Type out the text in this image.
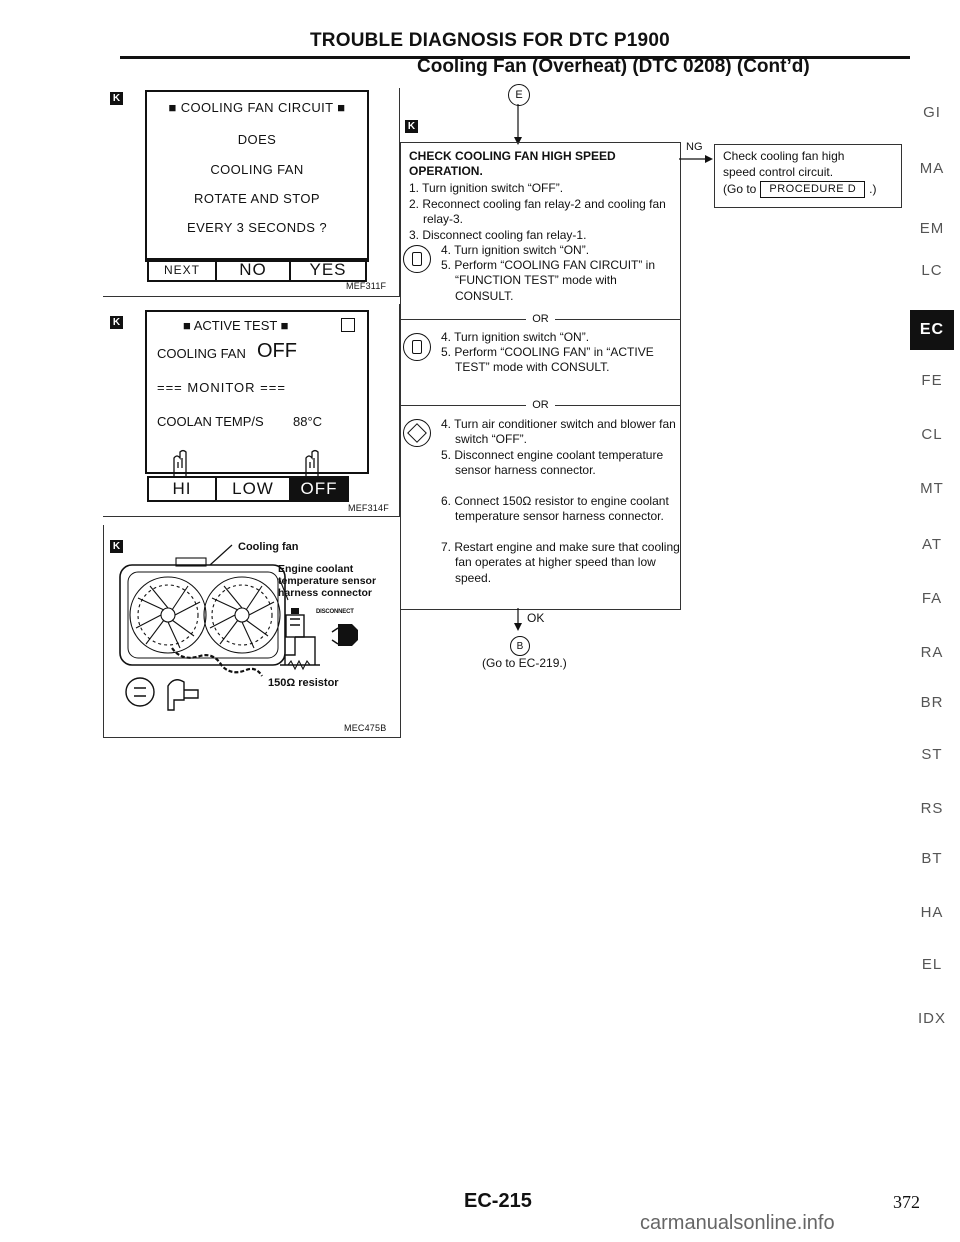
TROUBLE DIAGNOSIS FOR DTC P1900
Cooling Fan (Overheat) (DTC 0208) (Cont’d)
K
■ COOLING FAN CIRCUIT ■
DOES
COOLING FAN
ROTATE AND STOP
EVERY 3 SECONDS ?
NEXT	NO	YES
MEF311F
K	■ ACTIVE TEST ■
COOLING FAN OFF
=== MONITOR ===
COOLAN TEMP/S 88°C
HI	LOW	OFF
MEF314F
K	Cooling fan
Engine coolant temperature sensor harness connector
DISCONNECT
150Ω resistor
MEC475B
E
K
CHECK COOLING FAN HIGH SPEED OPERATION.
1. Turn ignition switch “OFF”.
2. Reconnect cooling fan relay-2 and cooling fan relay-3.
3. Disconnect cooling fan relay-1.
4. Turn ignition switch “ON”.
5. Perform “COOLING FAN CIRCUIT” in “FUNCTION TEST” mode with CONSULT.
OR
4. Turn ignition switch “ON”.
5. Perform “COOLING FAN” in “ACTIVE TEST” mode with CONSULT.
OR
4. Turn air conditioner switch and blower fan switch “OFF”.
5. Disconnect engine coolant temperature sensor harness connector.
6. Connect 150Ω resistor to engine coolant temperature sensor harness connector.
7. Restart engine and make sure that cooling fan operates at higher speed than low speed.
NG
Check cooling fan high
speed control circuit.
(Go to	PROCEDURE D	.)
OK
B
(Go to EC-219.)
GI
MA
EM
LC
EC
FE
CL
MT
AT
FA
RA
BR
ST
RS
BT
HA
EL
IDX
EC-215	372
carmanualsonline.info
